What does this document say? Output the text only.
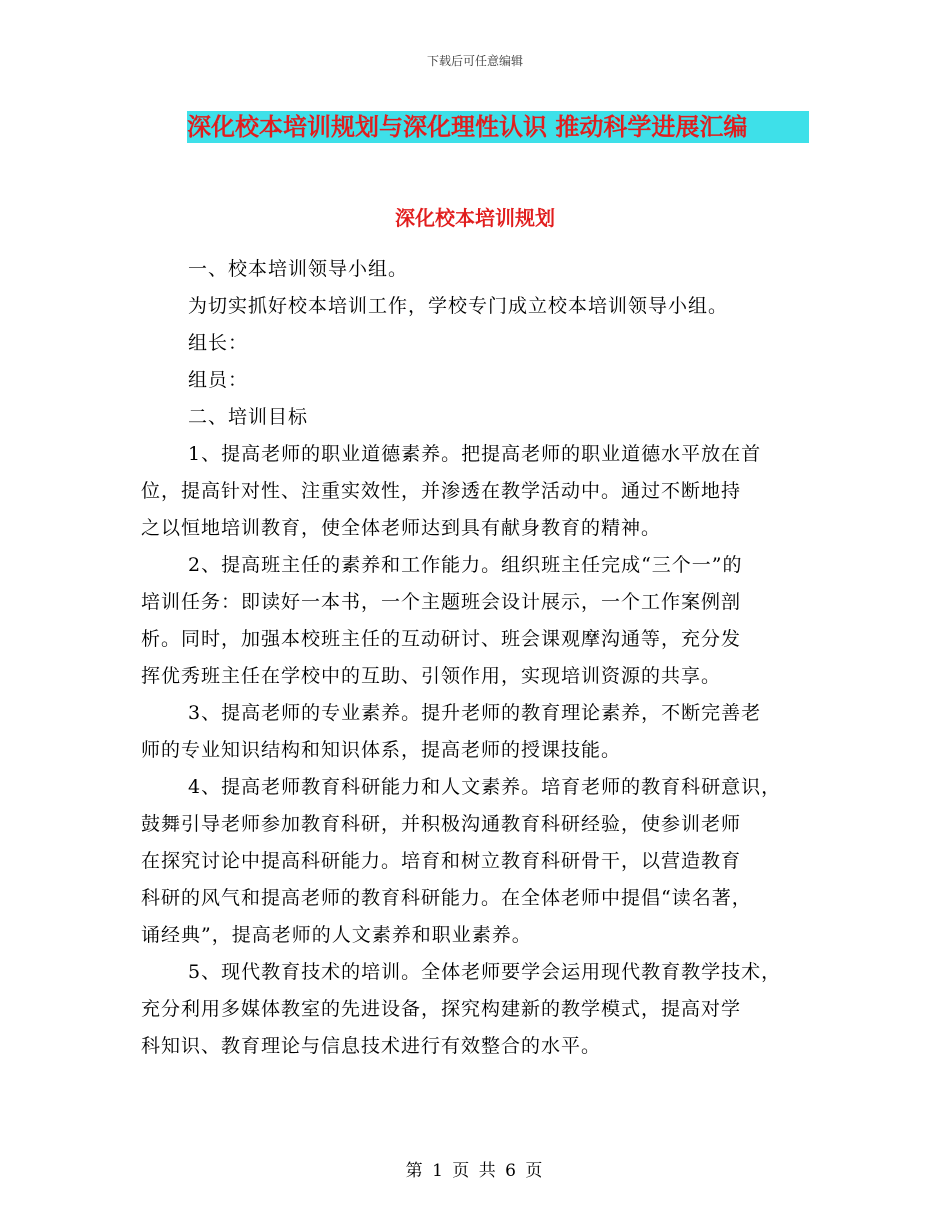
下载后可任意编辑
深化校本培训规划与深化理性认识 推动科学进展汇编
深化校本培训规划

一、校本培训领导小组。

为切实抓好校本培训工作，学校专门成立校本培训领导小组。

组长：

组员：

二、培训目标

1、提高老师的职业道德素养。把提高老师的职业道德水平放在首
位，提高针对性、注重实效性，并渗透在教学活动中。通过不断地持
之以恒地培训教育，使全体老师达到具有献身教育的精神。

2、提高班主任的素养和工作能力。组织班主任完成“三个一”的
培训任务：即读好一本书，一个主题班会设计展示，一个工作案例剖
析。同时，加强本校班主任的互动研讨、班会课观摩沟通等，充分发
挥优秀班主任在学校中的互助、引领作用，实现培训资源的共享。

3、提高老师的专业素养。提升老师的教育理论素养，不断完善老
师的专业知识结构和知识体系，提高老师的授课技能。

4、提高老师教育科研能力和人文素养。培育老师的教育科研意识，
鼓舞引导老师参加教育科研，并积极沟通教育科研经验，使参训老师
在探究讨论中提高科研能力。培育和树立教育科研骨干，以营造教育
科研的风气和提高老师的教育科研能力。在全体老师中提倡“读名著，
诵经典”，提高老师的人文素养和职业素养。

5、现代教育技术的培训。全体老师要学会运用现代教育教学技术，
充分利用多媒体教室的先进设备，探究构建新的教学模式，提高对学
科知识、教育理论与信息技术进行有效整合的水平。

第 1 页 共 6 页
